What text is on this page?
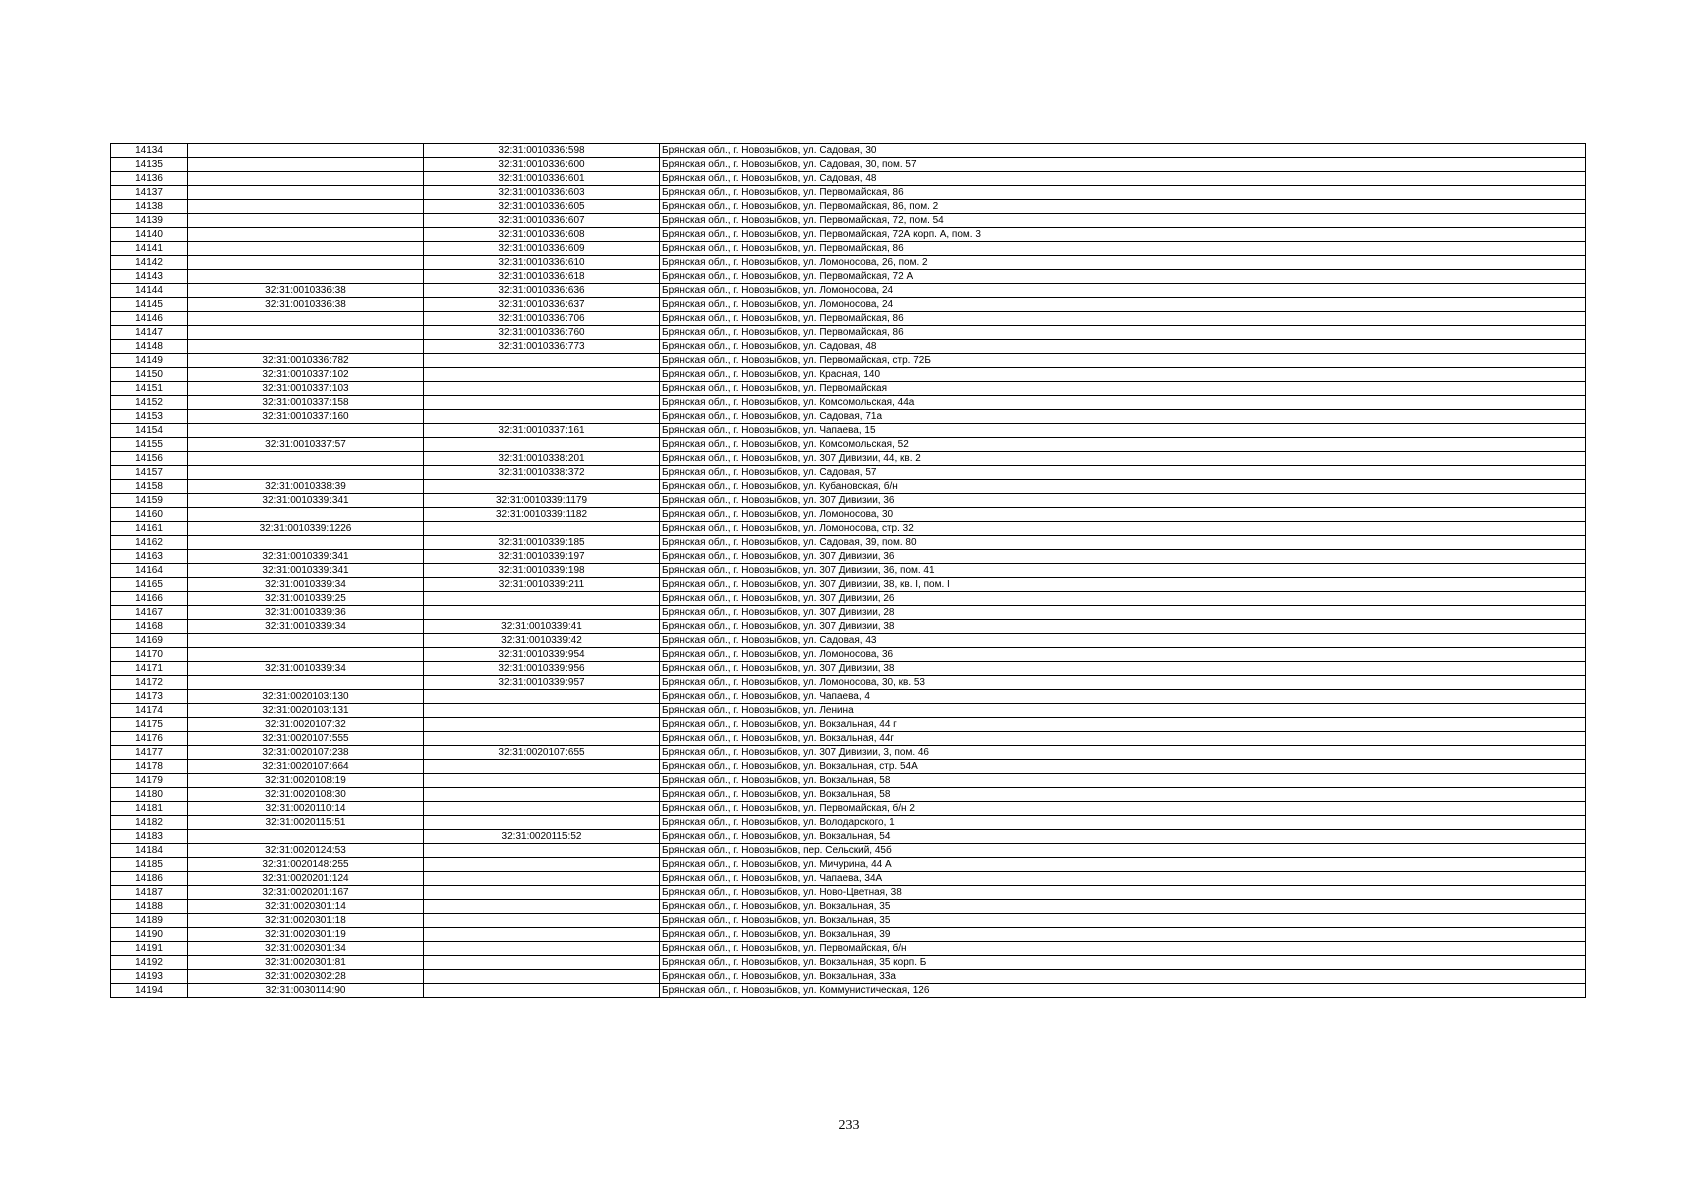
14134		32:31:0010336:598	Брянская обл., г. Новозыбков, ул. Садовая, 30
14135		32:31:0010336:600	Брянская обл., г. Новозыбков, ул. Садовая, 30, пом. 57
14136		32:31:0010336:601	Брянская обл., г. Новозыбков, ул. Садовая, 48
14137		32:31:0010336:603	Брянская обл., г. Новозыбков, ул. Первомайская, 86
14138		32:31:0010336:605	Брянская обл., г. Новозыбков, ул. Первомайская, 86, пом. 2
14139		32:31:0010336:607	Брянская обл., г. Новозыбков, ул. Первомайская, 72, пом. 54
14140		32:31:0010336:608	Брянская обл., г. Новозыбков, ул. Первомайская, 72А корп. А, пом. 3
14141		32:31:0010336:609	Брянская обл., г. Новозыбков, ул. Первомайская, 86
14142		32:31:0010336:610	Брянская обл., г. Новозыбков, ул. Ломоносова, 26, пом. 2
14143		32:31:0010336:618	Брянская обл., г. Новозыбков, ул. Первомайская, 72 А
14144	32:31:0010336:38	32:31:0010336:636	Брянская обл., г. Новозыбков, ул. Ломоносова, 24
14145	32:31:0010336:38	32:31:0010336:637	Брянская обл., г. Новозыбков, ул. Ломоносова, 24
14146		32:31:0010336:706	Брянская обл., г. Новозыбков, ул. Первомайская, 86
14147		32:31:0010336:760	Брянская обл., г. Новозыбков, ул. Первомайская, 86
14148		32:31:0010336:773	Брянская обл., г. Новозыбков, ул. Садовая, 48
14149	32:31:0010336:782		Брянская обл., г. Новозыбков, ул. Первомайская, стр. 72Б
14150	32:31:0010337:102		Брянская обл., г. Новозыбков, ул. Красная, 140
14151	32:31:0010337:103		Брянская обл., г. Новозыбков, ул. Первомайская
14152	32:31:0010337:158		Брянская обл., г. Новозыбков, ул. Комсомольская, 44а
14153	32:31:0010337:160		Брянская обл., г. Новозыбков, ул. Садовая, 71а
14154		32:31:0010337:161	Брянская обл., г. Новозыбков, ул. Чапаева, 15
14155	32:31:0010337:57		Брянская обл., г. Новозыбков, ул. Комсомольская, 52
14156		32:31:0010338:201	Брянская обл., г. Новозыбков, ул. 307 Дивизии, 44, кв. 2
14157		32:31:0010338:372	Брянская обл., г. Новозыбков, ул. Садовая, 57
14158	32:31:0010338:39		Брянская обл., г. Новозыбков, ул. Кубановская, б/н
14159	32:31:0010339:341	32:31:0010339:1179	Брянская обл., г. Новозыбков, ул. 307 Дивизии, 36
14160		32:31:0010339:1182	Брянская обл., г. Новозыбков, ул. Ломоносова, 30
14161	32:31:0010339:1226		Брянская обл., г. Новозыбков, ул. Ломоносова, стр. 32
14162		32:31:0010339:185	Брянская обл., г. Новозыбков, ул. Садовая, 39, пом. 80
14163	32:31:0010339:341	32:31:0010339:197	Брянская обл., г. Новозыбков, ул. 307 Дивизии, 36
14164	32:31:0010339:341	32:31:0010339:198	Брянская обл., г. Новозыбков, ул. 307 Дивизии, 36, пом. 41
14165	32:31:0010339:34	32:31:0010339:211	Брянская обл., г. Новозыбков, ул. 307 Дивизии, 38, кв. I, пом. I
14166	32:31:0010339:25		Брянская обл., г. Новозыбков, ул. 307 Дивизии, 26
14167	32:31:0010339:36		Брянская обл., г. Новозыбков, ул. 307 Дивизии, 28
14168	32:31:0010339:34	32:31:0010339:41	Брянская обл., г. Новозыбков, ул. 307 Дивизии, 38
14169		32:31:0010339:42	Брянская обл., г. Новозыбков, ул. Садовая, 43
14170		32:31:0010339:954	Брянская обл., г. Новозыбков, ул. Ломоносова, 36
14171	32:31:0010339:34	32:31:0010339:956	Брянская обл., г. Новозыбков, ул. 307 Дивизии, 38
14172		32:31:0010339:957	Брянская обл., г. Новозыбков, ул. Ломоносова, 30, кв. 53
14173	32:31:0020103:130		Брянская обл., г. Новозыбков, ул. Чапаева, 4
14174	32:31:0020103:131		Брянская обл., г. Новозыбков, ул. Ленина
14175	32:31:0020107:32		Брянская обл., г. Новозыбков, ул. Вокзальная, 44 г
14176	32:31:0020107:555		Брянская обл., г. Новозыбков, ул. Вокзальная, 44г
14177	32:31:0020107:238	32:31:0020107:655	Брянская обл., г. Новозыбков, ул. 307 Дивизии, 3, пом. 46
14178	32:31:0020107:664		Брянская обл., г. Новозыбков, ул. Вокзальная, стр. 54А
14179	32:31:0020108:19		Брянская обл., г. Новозыбков, ул. Вокзальная, 58
14180	32:31:0020108:30		Брянская обл., г. Новозыбков, ул. Вокзальная, 58
14181	32:31:0020110:14		Брянская обл., г. Новозыбков, ул. Первомайская, б/н 2
14182	32:31:0020115:51		Брянская обл., г. Новозыбков, ул. Володарского, 1
14183		32:31:0020115:52	Брянская обл., г. Новозыбков, ул. Вокзальная, 54
14184	32:31:0020124:53		Брянская обл., г. Новозыбков, пер. Сельский, 45б
14185	32:31:0020148:255		Брянская обл., г. Новозыбков, ул. Мичурина, 44 А
14186	32:31:0020201:124		Брянская обл., г. Новозыбков, ул. Чапаева, 34А
14187	32:31:0020201:167		Брянская обл., г. Новозыбков, ул. Ново-Цветная, 38
14188	32:31:0020301:14		Брянская обл., г. Новозыбков, ул. Вокзальная, 35
14189	32:31:0020301:18		Брянская обл., г. Новозыбков, ул. Вокзальная, 35
14190	32:31:0020301:19		Брянская обл., г. Новозыбков, ул. Вокзальная, 39
14191	32:31:0020301:34		Брянская обл., г. Новозыбков, ул. Первомайская, б/н
14192	32:31:0020301:81		Брянская обл., г. Новозыбков, ул. Вокзальная, 35 корп. Б
14193	32:31:0020302:28		Брянская обл., г. Новозыбков, ул. Вокзальная, 33а
14194	32:31:0030114:90		Брянская обл., г. Новозыбков, ул. Коммунистическая, 126
233
